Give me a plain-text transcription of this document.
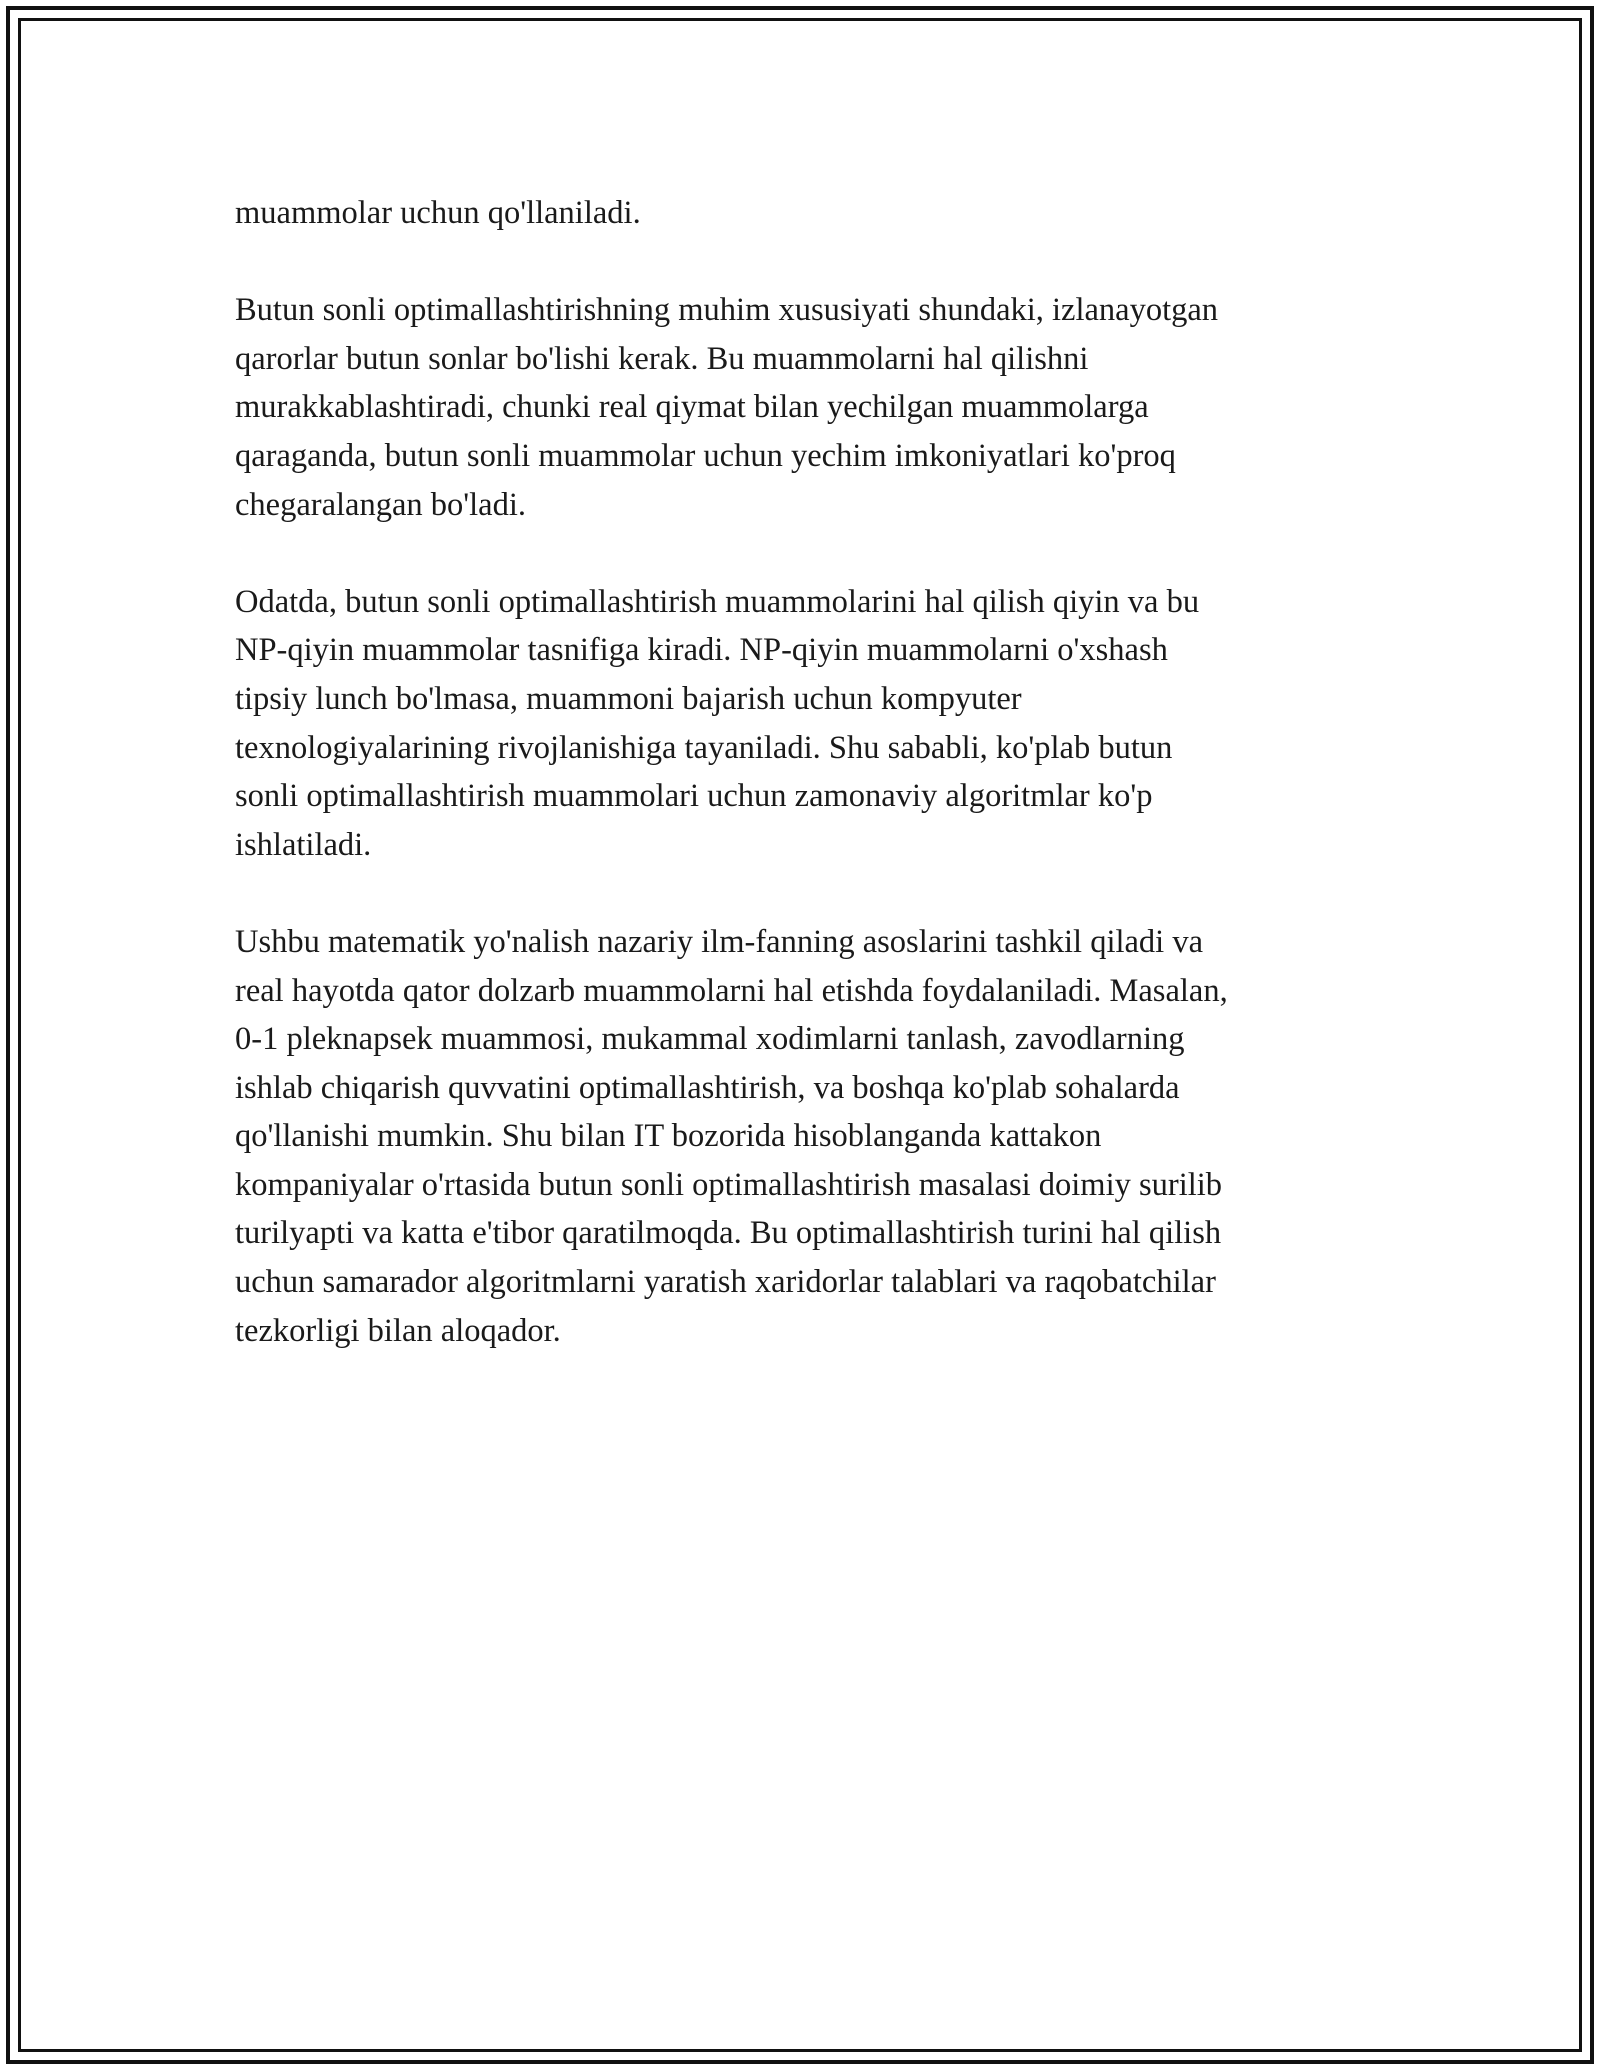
muammolar uchun qo'llaniladi.

Butun sonli optimallashtirishning muhim xususiyati shundaki, izlanayotgan
qarorlar butun sonlar bo'lishi kerak. Bu muammolarni hal qilishni
murakkablashtiradi, chunki real qiymat bilan yechilgan muammolarga
qaraganda, butun sonli muammolar uchun yechim imkoniyatlari ko'proq
chegaralangan bo'ladi.

Odatda, butun sonli optimallashtirish muammolarini hal qilish qiyin va bu
NP-qiyin muammolar tasnifiga kiradi. NP-qiyin muammolarni o'xshash
tipsiy lunch bo'lmasa, muammoni bajarish uchun kompyuter
texnologiyalarining rivojlanishiga tayaniladi. Shu sababli, ko'plab butun
sonli optimallashtirish muammolari uchun zamonaviy algoritmlar ko'p
ishlatiladi.

Ushbu matematik yo'nalish nazariy ilm-fanning asoslarini tashkil qiladi va
real hayotda qator dolzarb muammolarni hal etishda foydalaniladi. Masalan,
0-1 pleknapsek muammosi, mukammal xodimlarni tanlash, zavodlarning
ishlab chiqarish quvvatini optimallashtirish, va boshqa ko'plab sohalarda
qo'llanishi mumkin. Shu bilan IT bozorida hisoblanganda kattakon
kompaniyalar o'rtasida butun sonli optimallashtirish masalasi doimiy surilib
turilyapti va katta e'tibor qaratilmoqda. Bu optimallashtirish turini hal qilish
uchun samarador algoritmlarni yaratish xaridorlar talablari va raqobatchilar
tezkorligi bilan aloqador.
